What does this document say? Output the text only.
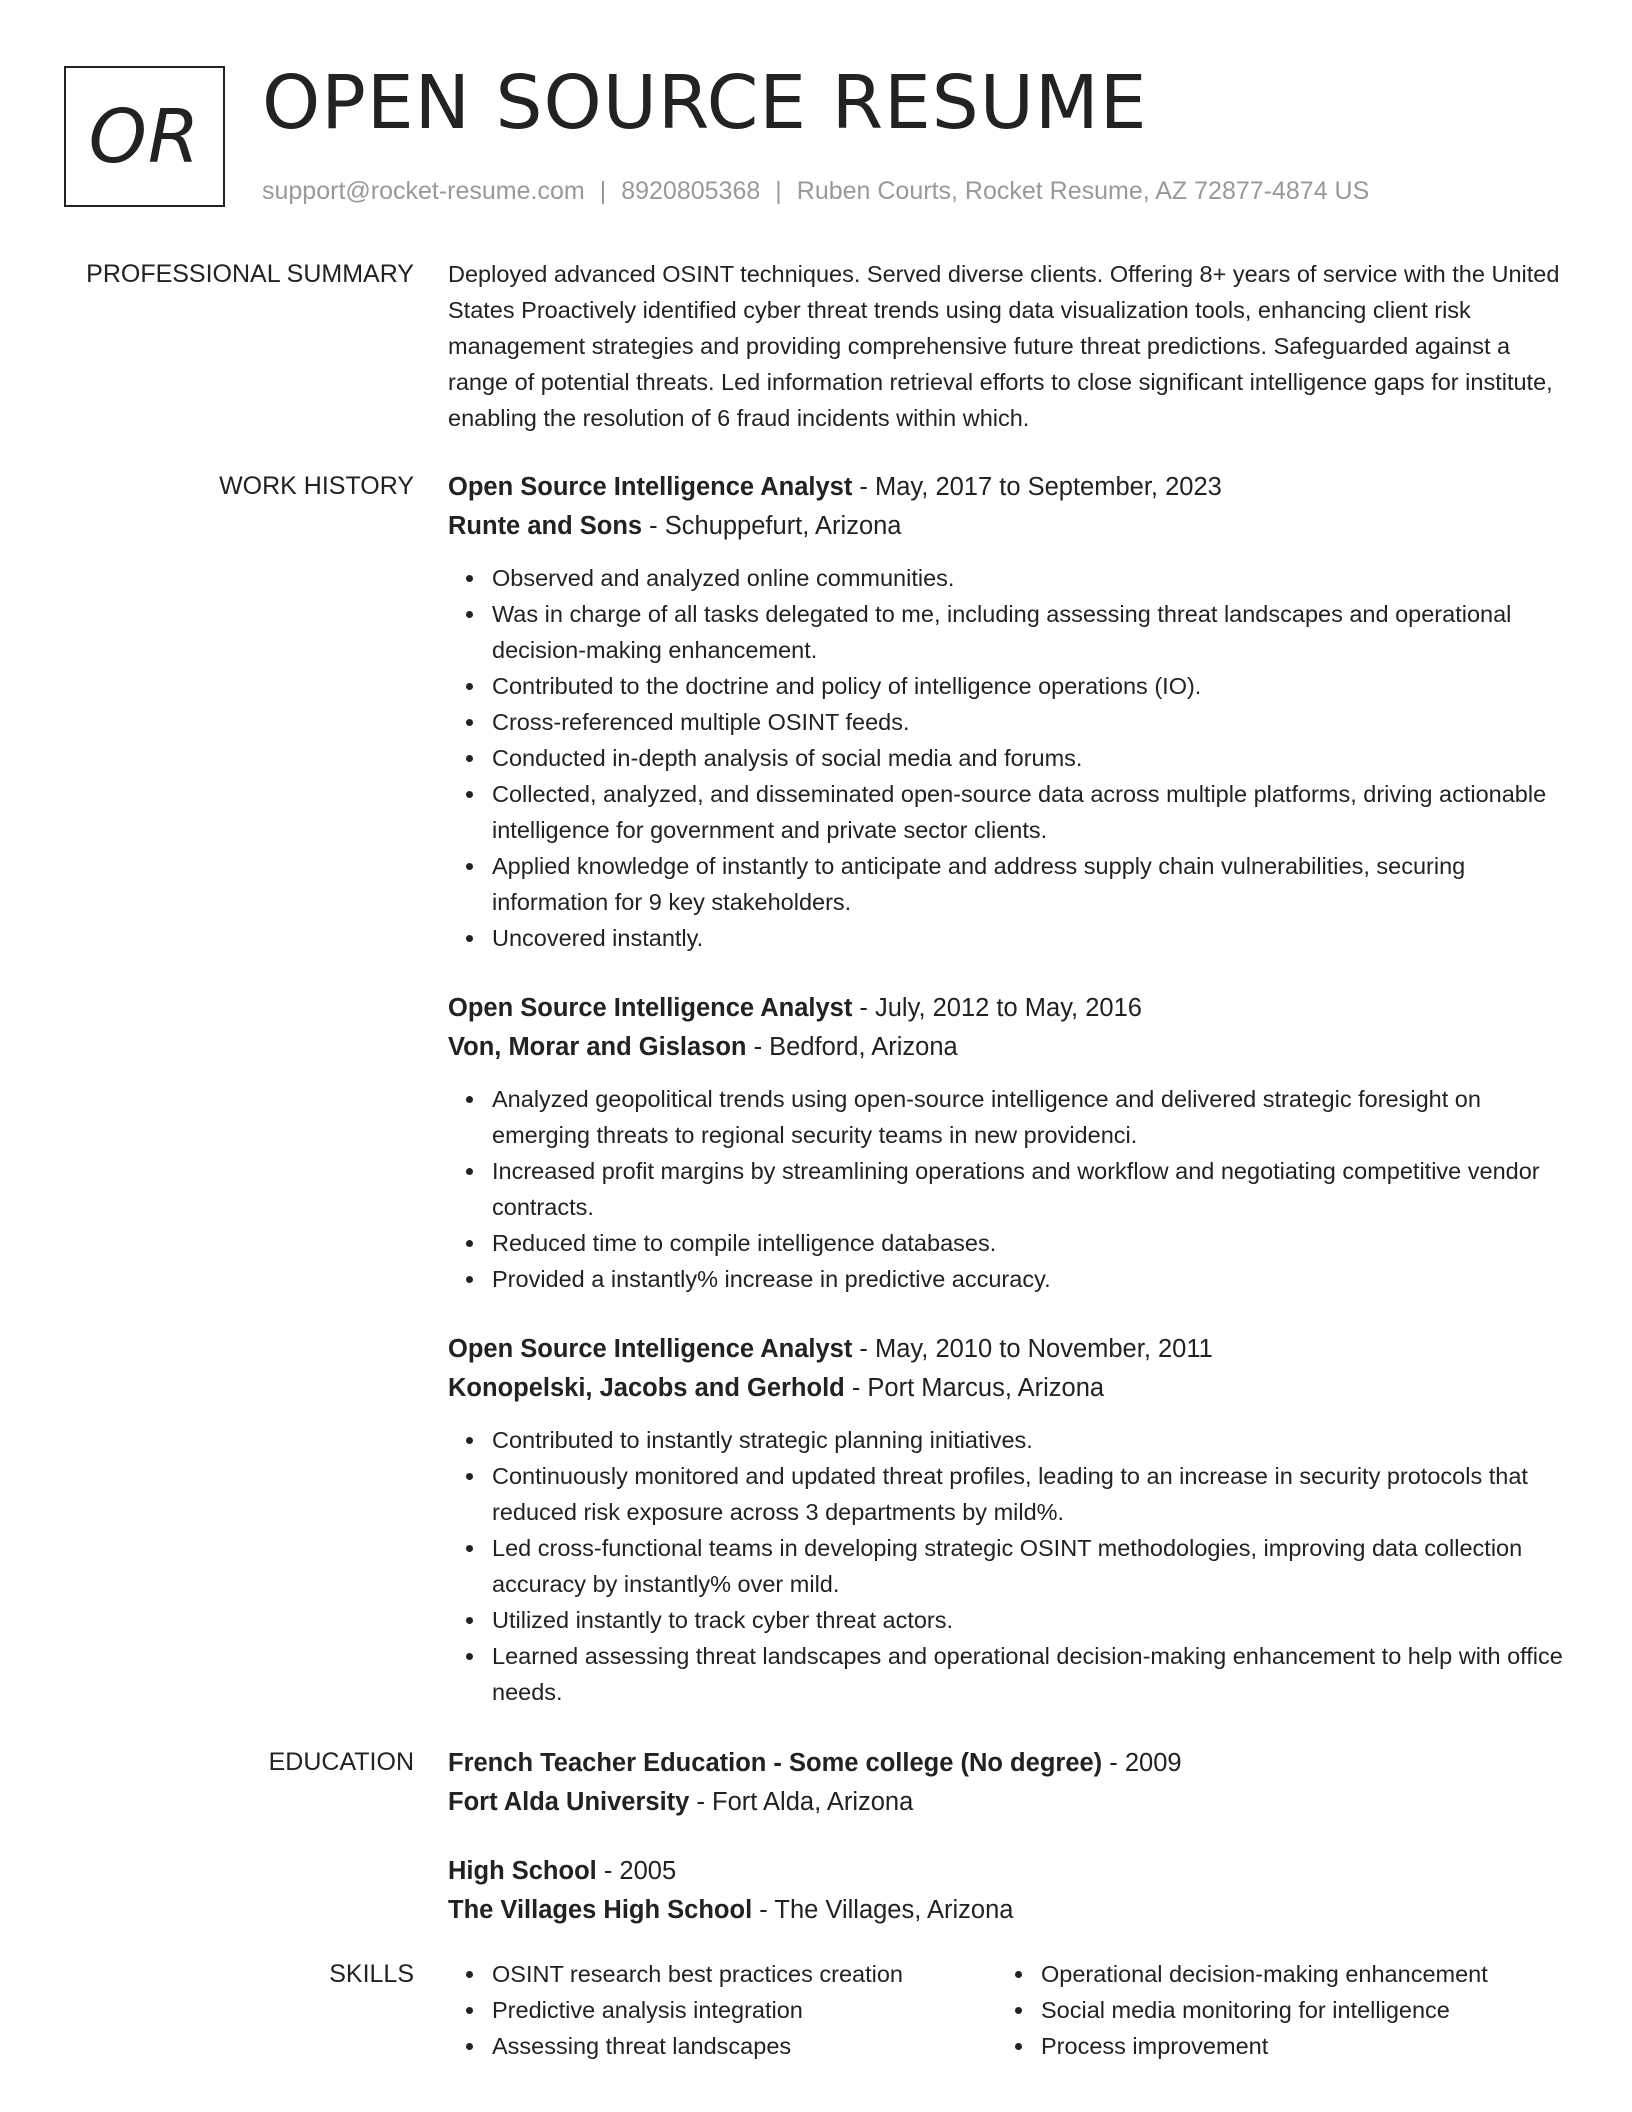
OR OPEN SOURCE RESUME
support@rocket-resume.com | 8920805368 | Ruben Courts, Rocket Resume, AZ 72877-4874 US
PROFESSIONAL SUMMARY Deployed advanced OSINT techniques. Served diverse clients. Offering 8+ years of service with the United States Proactively identified cyber threat trends using data visualization tools, enhancing client risk management strategies and providing comprehensive future threat predictions. Safeguarded against a range of potential threats. Led information retrieval efforts to close significant intelligence gaps for institute, enabling the resolution of 6 fraud incidents within which.

WORK HISTORY Open Source Intelligence Analyst - May, 2017 to September, 2023
Runte and Sons - Schuppefurt, Arizona
Observed and analyzed online communities.
Was in charge of all tasks delegated to me, including assessing threat landscapes and operational decision-making enhancement.
Contributed to the doctrine and policy of intelligence operations (IO).
Cross-referenced multiple OSINT feeds.
Conducted in-depth analysis of social media and forums.
Collected, analyzed, and disseminated open-source data across multiple platforms, driving actionable intelligence for government and private sector clients.
Applied knowledge of instantly to anticipate and address supply chain vulnerabilities, securing information for 9 key stakeholders.
Uncovered instantly.
Open Source Intelligence Analyst - July, 2012 to May, 2016
Von, Morar and Gislason - Bedford, Arizona
Analyzed geopolitical trends using open-source intelligence and delivered strategic foresight on emerging threats to regional security teams in new providenci.
Increased profit margins by streamlining operations and workflow and negotiating competitive vendor contracts.
Reduced time to compile intelligence databases.
Provided a instantly% increase in predictive accuracy.
Open Source Intelligence Analyst - May, 2010 to November, 2011
Konopelski, Jacobs and Gerhold - Port Marcus, Arizona
Contributed to instantly strategic planning initiatives.
Continuously monitored and updated threat profiles, leading to an increase in security protocols that reduced risk exposure across 3 departments by mild%.
Led cross-functional teams in developing strategic OSINT methodologies, improving data collection accuracy by instantly% over mild.
Utilized instantly to track cyber threat actors.
Learned assessing threat landscapes and operational decision-making enhancement to help with office needs.
EDUCATION French Teacher Education - Some college (No degree) - 2009
Fort Alda University - Fort Alda, Arizona
High School - 2005
The Villages High School - The Villages, Arizona
SKILLS	OSINT research best practices creation
Predictive analysis integration
Assessing threat landscapes
Operational decision-making enhancement
Social media monitoring for intelligence
Process improvement
